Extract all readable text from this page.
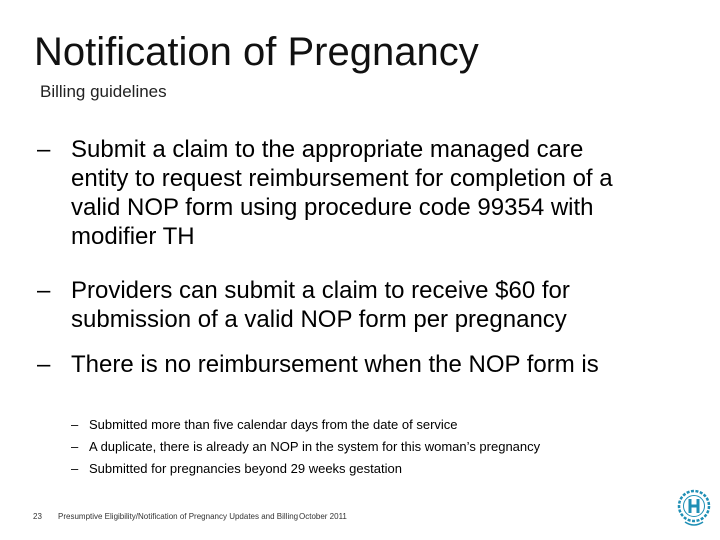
Notification of Pregnancy
Billing guidelines
– Submit a claim to the appropriate managed care entity to request reimbursement for completion of a valid NOP form using procedure code 99354 with modifier TH
– Providers can submit a claim to receive $60 for submission of a valid NOP form per pregnancy
– There is no reimbursement when the NOP form is
– Submitted more than five calendar days from the date of service
– A duplicate, there is already an NOP in the system for this woman’s pregnancy
– Submitted for pregnancies beyond 29 weeks gestation
23 Presumptive Eligibility/Notification of Pregnancy Updates and Billing October 2011
